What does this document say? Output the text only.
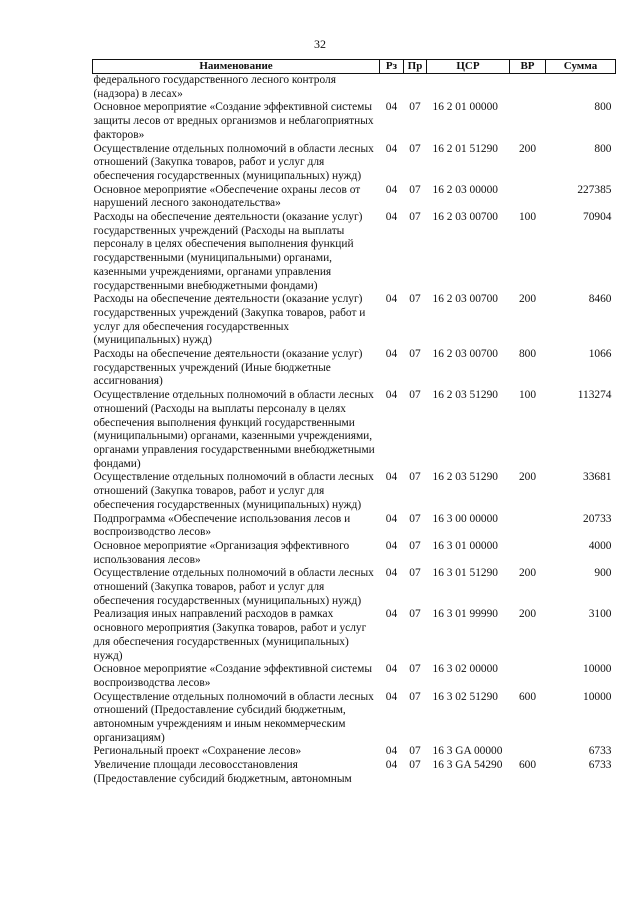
32
Наименование	Рз	Пр	ЦСР	ВР	Сумма
федерального государственного лесного контроля (надзора) в лесах»					
Основное мероприятие «Создание эффективной системы защиты лесов от вредных организмов и неблагоприятных факторов»	04	07	16 2 01 00000		800
Осуществление отдельных полномочий в области лесных отношений (Закупка товаров, работ и услуг для обеспечения государственных (муниципальных) нужд)	04	07	16 2 01 51290	200	800
Основное мероприятие «Обеспечение охраны лесов от нарушений лесного законодательства»	04	07	16 2 03 00000		227385
Расходы на обеспечение деятельности (оказание услуг) государственных учреждений (Расходы на выплаты персоналу в целях обеспечения выполнения функций государственными (муниципальными) органами, казенными учреждениями, органами управления государственными внебюджетными фондами)	04	07	16 2 03 00700	100	70904
Расходы на обеспечение деятельности (оказание услуг) государственных учреждений (Закупка товаров, работ и услуг для обеспечения государственных (муниципальных) нужд)	04	07	16 2 03 00700	200	8460
Расходы на обеспечение деятельности (оказание услуг) государственных учреждений (Иные бюджетные ассигнования)	04	07	16 2 03 00700	800	1066
Осуществление отдельных полномочий в области лесных отношений (Расходы на выплаты персоналу в целях обеспечения выполнения функций государственными (муниципальными) органами, казенными учреждениями, органами управления государственными внебюджетными фондами)	04	07	16 2 03 51290	100	113274
Осуществление отдельных полномочий в области лесных отношений (Закупка товаров, работ и услуг для обеспечения государственных (муниципальных) нужд)	04	07	16 2 03 51290	200	33681
Подпрограмма «Обеспечение использования лесов и воспроизводство лесов»	04	07	16 3 00 00000		20733
Основное мероприятие «Организация эффективного использования лесов»	04	07	16 3 01 00000		4000
Осуществление отдельных полномочий в области лесных отношений (Закупка товаров, работ и услуг для обеспечения государственных (муниципальных) нужд)	04	07	16 3 01 51290	200	900
Реализация иных направлений расходов в рамках основного мероприятия (Закупка товаров, работ и услуг для обеспечения государственных (муниципальных) нужд)	04	07	16 3 01 99990	200	3100
Основное мероприятие «Создание эффективной системы воспроизводства лесов»	04	07	16 3 02 00000		10000
Осуществление отдельных полномочий в области лесных отношений (Предоставление субсидий бюджетным, автономным учреждениям и иным некоммерческим организациям)	04	07	16 3 02 51290	600	10000
Региональный проект «Сохранение лесов»	04	07	16 3 GA 00000		6733
Увеличение площади лесовосстановления (Предоставление субсидий бюджетным, автономным	04	07	16 3 GA 54290	600	6733
